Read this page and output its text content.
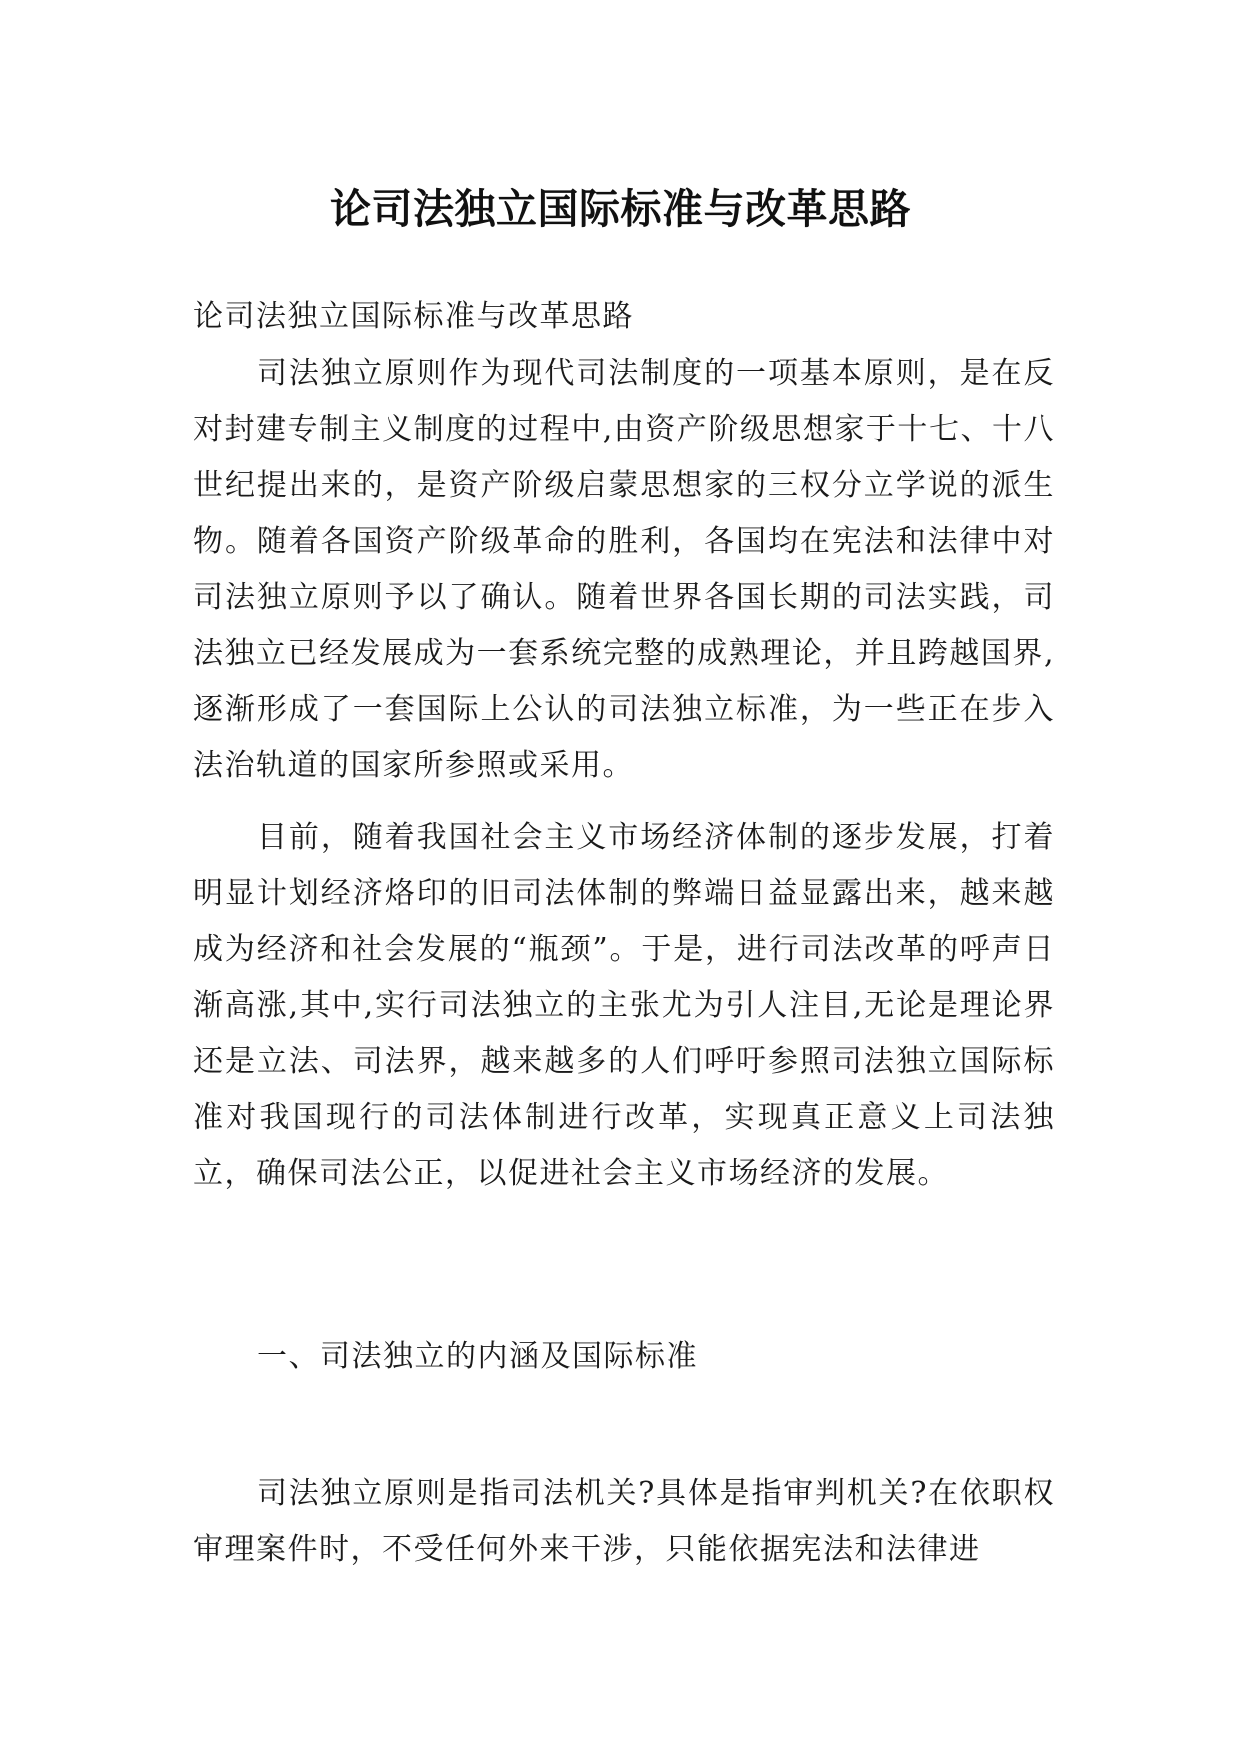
论司法独立国际标准与改革思路

论司法独立国际标准与改革思路

司法独立原则作为现代司法制度的一项基本原则，是在反对封建专制主义制度的过程中,由资产阶级思想家于十七、十八世纪提出来的，是资产阶级启蒙思想家的三权分立学说的派生物。随着各国资产阶级革命的胜利，各国均在宪法和法律中对司法独立原则予以了确认。随着世界各国长期的司法实践，司法独立已经发展成为一套系统完整的成熟理论，并且跨越国界,逐渐形成了一套国际上公认的司法独立标准，为一些正在步入法治轨道的国家所参照或采用。

目前，随着我国社会主义市场经济体制的逐步发展，打着明显计划经济烙印的旧司法体制的弊端日益显露出来，越来越成为经济和社会发展的“瓶颈”。于是，进行司法改革的呼声日渐高涨,其中,实行司法独立的主张尤为引人注目,无论是理论界还是立法、司法界，越来越多的人们呼吁参照司法独立国际标准对我国现行的司法体制进行改革，实现真正意义上司法独立，确保司法公正，以促进社会主义市场经济的发展。

一、司法独立的内涵及国际标准

司法独立原则是指司法机关?具体是指审判机关?在依职权审理案件时，不受任何外来干涉，只能依据宪法和法律进
